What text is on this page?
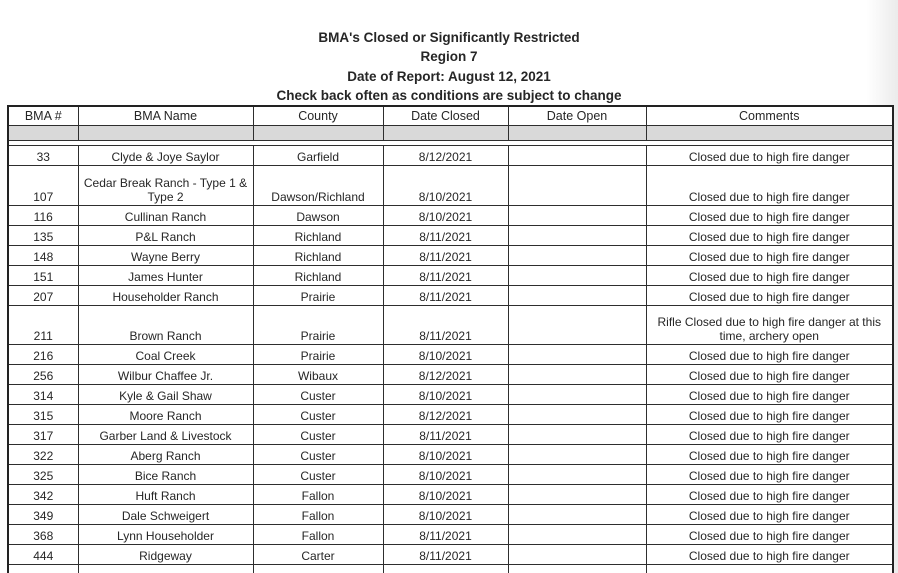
BMA's Closed or Significantly Restricted
Region 7
Date of Report: August 12, 2021
Check back often as conditions are subject to change
BMA #	BMA Name	County	Date Closed	Date Open	Comments

33	Clyde & Joye Saylor	Garfield	8/12/2021		Closed due to high fire danger
107	Cedar Break Ranch - Type 1 & Type 2	Dawson/Richland	8/10/2021		Closed due to high fire danger
116	Cullinan Ranch	Dawson	8/10/2021		Closed due to high fire danger
135	P&L Ranch	Richland	8/11/2021		Closed due to high fire danger
148	Wayne Berry	Richland	8/11/2021		Closed due to high fire danger
151	James Hunter	Richland	8/11/2021		Closed due to high fire danger
207	Householder Ranch	Prairie	8/11/2021		Closed due to high fire danger
211	Brown Ranch	Prairie	8/11/2021		Rifle Closed due to high fire danger at this time, archery open
216	Coal Creek	Prairie	8/10/2021		Closed due to high fire danger
256	Wilbur Chaffee Jr.	Wibaux	8/12/2021		Closed due to high fire danger
314	Kyle & Gail Shaw	Custer	8/10/2021		Closed due to high fire danger
315	Moore Ranch	Custer	8/12/2021		Closed due to high fire danger
317	Garber Land & Livestock	Custer	8/11/2021		Closed due to high fire danger
322	Aberg Ranch	Custer	8/10/2021		Closed due to high fire danger
325	Bice Ranch	Custer	8/10/2021		Closed due to high fire danger
342	Huft Ranch	Fallon	8/10/2021		Closed due to high fire danger
349	Dale Schweigert	Fallon	8/10/2021		Closed due to high fire danger
368	Lynn Householder	Fallon	8/11/2021		Closed due to high fire danger
444	Ridgeway	Carter	8/11/2021		Closed due to high fire danger
